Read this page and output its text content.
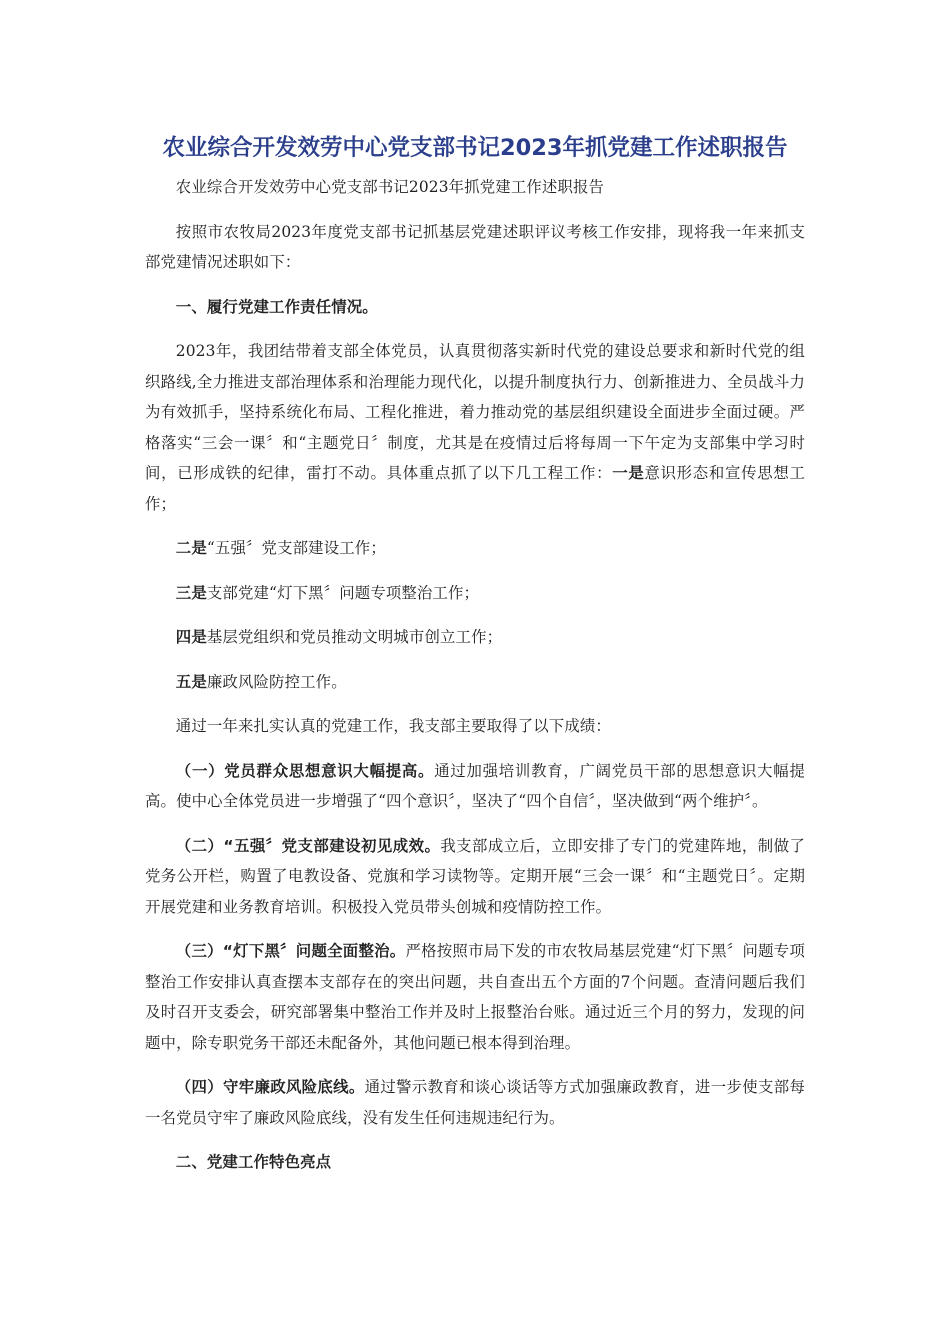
农业综合开发效劳中心党支部书记2023年抓党建工作述职报告

农业综合开发效劳中心党支部书记2023年抓党建工作述职报告

按照市农牧局2023年度党支部书记抓基层党建述职评议考核工作安排，现将我一年来抓支部党建情况述职如下：

一、履行党建工作责任情况。

2023年，我团结带着支部全体党员，认真贯彻落实新时代党的建设总要求和新时代党的组织路线,全力推进支部治理体系和治理能力现代化，以提升制度执行力、创新推进力、全员战斗力为有效抓手，坚持系统化布局、工程化推进，着力推动党的基层组织建设全面进步全面过硬。严格落实“三会一课〞和“主题党日〞制度，尤其是在疫情过后将每周一下午定为支部集中学习时间，已形成铁的纪律，雷打不动。具体重点抓了以下几工程工作：一是意识形态和宣传思想工作；

二是“五强〞党支部建设工作；

三是支部党建“灯下黑〞问题专项整治工作；

四是基层党组织和党员推动文明城市创立工作；

五是廉政风险防控工作。

通过一年来扎实认真的党建工作，我支部主要取得了以下成绩：

（一）党员群众思想意识大幅提高。通过加强培训教育，广阔党员干部的思想意识大幅提高。使中心全体党员进一步增强了“四个意识〞，坚决了“四个自信〞，坚决做到“两个维护〞。

（二）“五强〞党支部建设初见成效。我支部成立后，立即安排了专门的党建阵地，制做了党务公开栏，购置了电教设备、党旗和学习读物等。定期开展“三会一课〞和“主题党日〞。定期开展党建和业务教育培训。积极投入党员带头创城和疫情防控工作。

（三）“灯下黑〞问题全面整治。严格按照市局下发的市农牧局基层党建“灯下黑〞问题专项整治工作安排认真查摆本支部存在的突出问题，共自查出五个方面的7个问题。查清问题后我们及时召开支委会，研究部署集中整治工作并及时上报整治台账。通过近三个月的努力，发现的问题中，除专职党务干部还未配备外，其他问题已根本得到治理。

（四）守牢廉政风险底线。通过警示教育和谈心谈话等方式加强廉政教育，进一步使支部每一名党员守牢了廉政风险底线，没有发生任何违规违纪行为。

二、党建工作特色亮点
